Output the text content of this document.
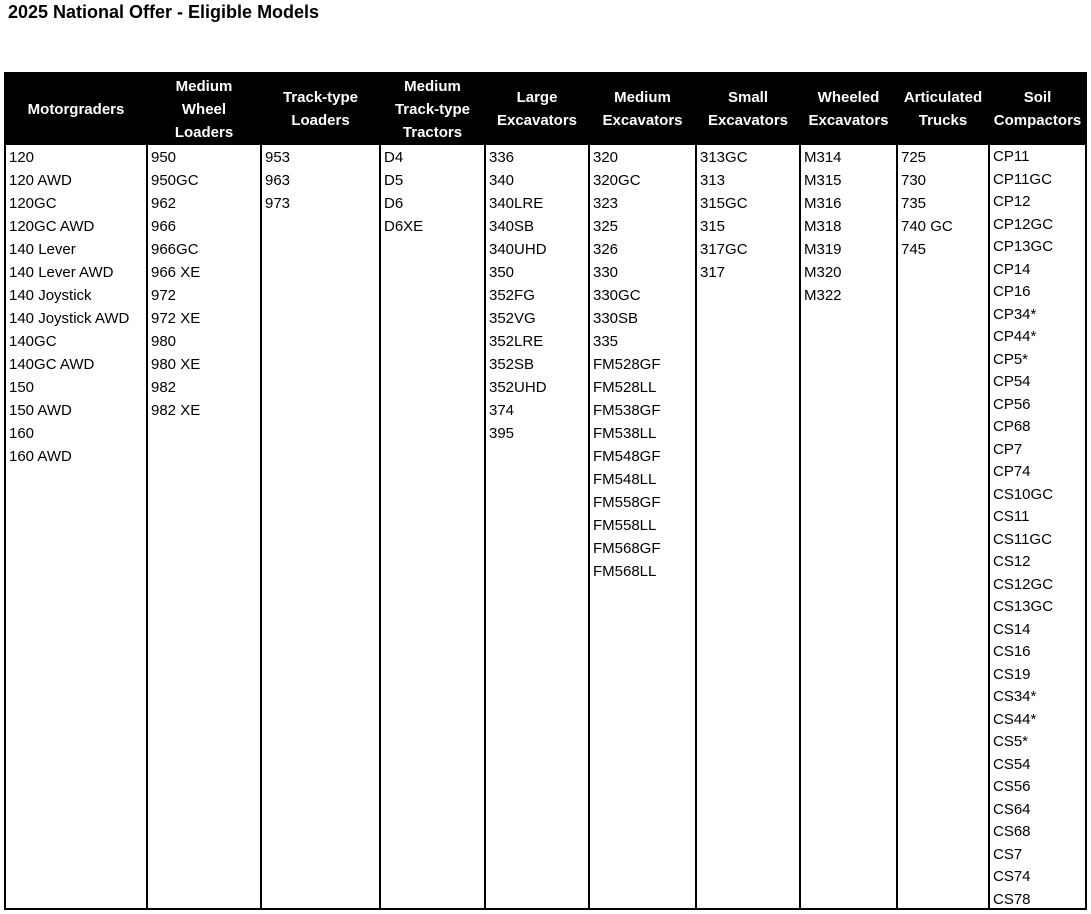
2025 National Offer - Eligible Models
Motorgraders
120
120 AWD
120GC
120GC AWD
140 Lever
140 Lever AWD
140 Joystick
140 Joystick AWD
140GC
140GC AWD
150
150 AWD
160
160 AWD
Medium
Wheel
Loaders
950
950GC
962
966
966GC
966 XE
972
972 XE
980
980 XE
982
982 XE
Track-type
Loaders
953
963
973
Medium
Track-type
Tractors
D4
D5
D6
D6XE
Large
Excavators
336
340
340LRE
340SB
340UHD
350
352FG
352VG
352LRE
352SB
352UHD
374
395
Medium
Excavators
320
320GC
323
325
326
330
330GC
330SB
335
FM528GF
FM528LL
FM538GF
FM538LL
FM548GF
FM548LL
FM558GF
FM558LL
FM568GF
FM568LL
Small
Excavators
313GC
313
315GC
315
317GC
317
Wheeled
Excavators
M314
M315
M316
M318
M319
M320
M322
Articulated
Trucks
725
730
735
740 GC
745
Soil
Compactors
CP11
CP11GC
CP12
CP12GC
CP13GC
CP14
CP16
CP34*
CP44*
CP5*
CP54
CP56
CP68
CP7
CP74
CS10GC
CS11
CS11GC
CS12
CS12GC
CS13GC
CS14
CS16
CS19
CS34*
CS44*
CS5*
CS54
CS56
CS64
CS68
CS7
CS74
CS78
